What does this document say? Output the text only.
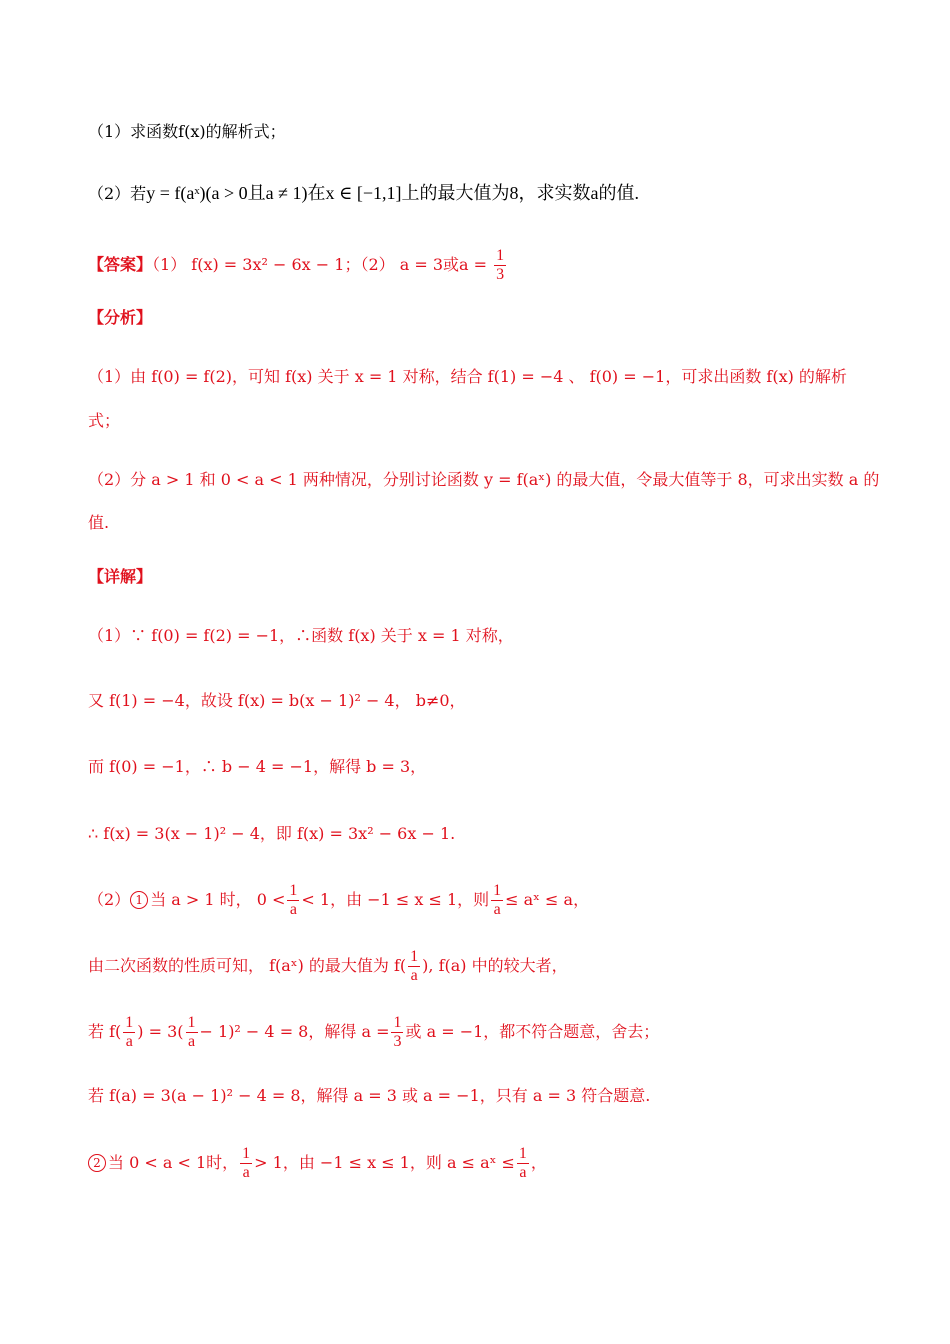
（1）求函数f(x)的解析式；
（2）若y = f(aˣ)(a > 0且a ≠ 1)在x ∈ [−1,1]上的最大值为8，求实数a的值.
【答案】（1） f(x) = 3x² − 6x − 1；（2） a = 3或$a = \frac{1}{3}$
【分析】
（1）由 f(0) = f(2)，可知 f(x) 关于 x = 1 对称，结合 f(1) = −4 、 f(0) = −1，可求出函数 f(x) 的解析
式；
（2）分 a > 1 和 0 < a < 1 两种情况，分别讨论函数 y = f(aˣ) 的最大值，令最大值等于 8，可求出实数 a 的
值.
【详解】
（1）∵ f(0) = f(2) = −1，∴函数 f(x) 关于 x = 1 对称，
又 f(1) = −4，故设 f(x) = b(x − 1)² − 4， b≠0，
而 f(0) = −1，∴ b − 4 = −1，解得 b = 3，
∴ f(x) = 3(x − 1)² − 4，即 f(x) = 3x² − 6x − 1.
（2） 1 当 a > 1 时， $0 < \frac{1}{a} < 1$，由 −1 ≤ x ≤ 1，则 $\frac{1}{a}$ ≤ aˣ ≤ a，
由二次函数的性质可知， f(aˣ) 的最大值为 $f( \frac{1}{a}$ ), f(a) 中的较大者，
若 $f( \frac{1}{a}$ ) = $3( \frac{1}{a} - 1)^2 - 4 = 8$，解得 $a = \frac{1}{3}$ 或 a = −1，都不符合题意，舍去；
若 f(a) = 3(a − 1)² − 4 = 8，解得 a = 3 或 a = −1，只有 a = 3 符合题意.
2 当 0 < a < 1时， $\frac{1}{a} > 1$，由 −1 ≤ x ≤ 1，则 a ≤ aˣ ≤ $\frac{1}{a}$ ，
